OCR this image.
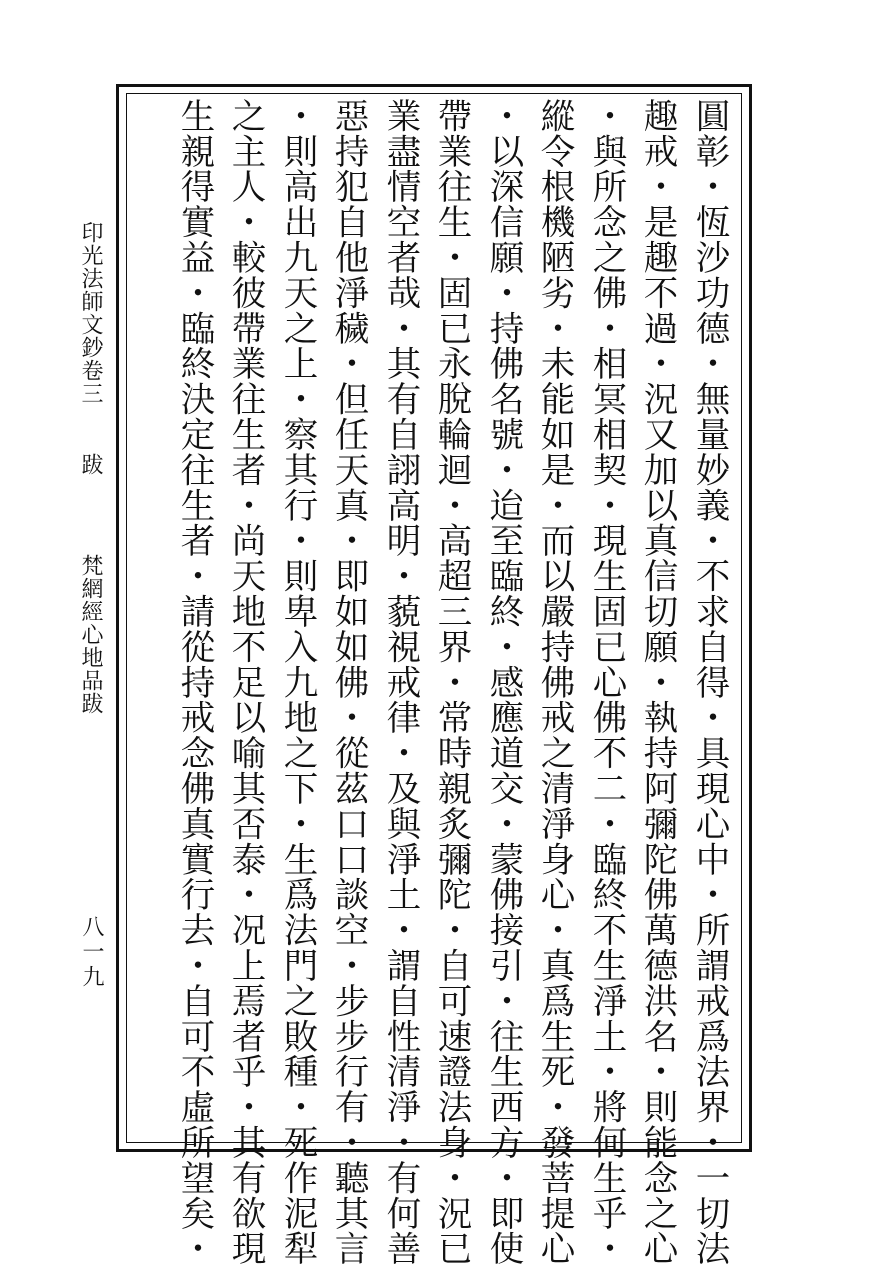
印光法師文鈔卷三 跋 梵網經心地品跋
八一九	圓彰・恆沙功德・無量妙義・不求自得・具現心中・所謂戒爲法界・一切法
趣戒・是趣不過・況又加以真信切願・執持阿彌陀佛萬德洪名・則能念之心
・與所念之佛・相冥相契・現生固已心佛不二・臨終不生淨土・將何生乎・
縱令根機陋劣・未能如是・而以嚴持佛戒之清淨身心・真爲生死・發菩提心
・以深信願・持佛名號・迨至臨終・感應道交・蒙佛接引・往生西方・即使
帶業往生・固已永脫輪迴・高超三界・常時親炙彌陀・自可速證法身・況已
業盡情空者哉・其有自詡高明・藐視戒律・及與淨土・謂自性清淨・有何善
惡持犯自他淨穢・但任天真・即如如佛・從茲口口談空・步步行有・聽其言
・則高出九天之上・察其行・則卑入九地之下・生爲法門之敗種・死作泥犁
之主人・較彼帶業往生者・尚天地不足以喻其否泰・况上焉者乎・其有欲現
生親得實益・臨終決定往生者・請從持戒念佛真實行去・自可不虛所望矣・
